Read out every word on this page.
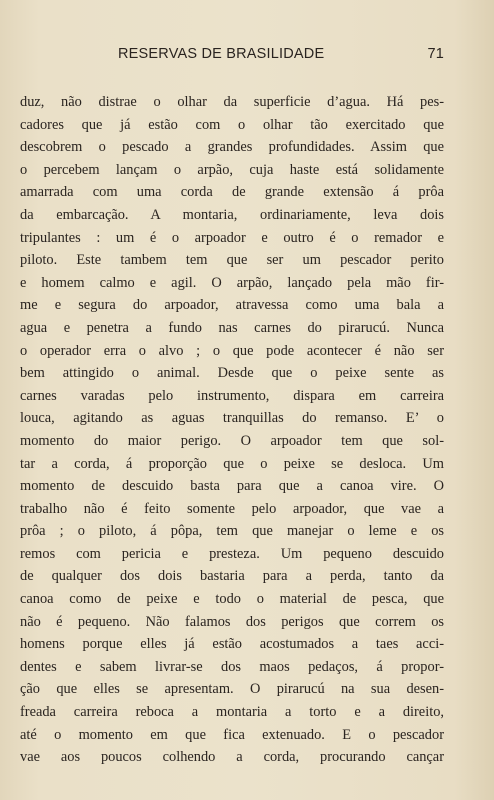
RESERVAS DE BRASILIDADE	71
duz, não distrae o olhar da superficie d’agua. Há pes-
cadores que já estão com o olhar tão exercitado que
descobrem o pescado a grandes profundidades. Assim que
o percebem lançam o arpão, cuja haste está solidamente
amarrada com uma corda de grande extensão á prôa
da embarcação. A montaria, ordinariamente, leva dois
tripulantes : um é o arpoador e outro é o remador e
piloto. Este tambem tem que ser um pescador perito
e homem calmo e agil. O arpão, lançado pela mão fir-
me e segura do arpoador, atravessa como uma bala a
agua e penetra a fundo nas carnes do pirarucú. Nunca
o operador erra o alvo ; o que pode acontecer é não ser
bem attingido o animal. Desde que o peixe sente as
carnes varadas pelo instrumento, dispara em carreira
louca, agitando as aguas tranquillas do remanso. E’ o
momento do maior perigo. O arpoador tem que sol-
tar a corda, á proporção que o peixe se desloca. Um
momento de descuido basta para que a canoa vire. O
trabalho não é feito somente pelo arpoador, que vae a
prôa ; o piloto, á pôpa, tem que manejar o leme e os
remos com pericia e presteza. Um pequeno descuido
de qualquer dos dois bastaria para a perda, tanto da
canoa como de peixe e todo o material de pesca, que
não é pequeno. Não falamos dos perigos que correm os
homens porque elles já estão acostumados a taes acci-
dentes e sabem livrar-se dos maos pedaços, á propor-
ção que elles se apresentam. O pirarucú na sua desen-
freada carreira reboca a montaria a torto e a direito,
até o momento em que fica extenuado. E o pescador
vae aos poucos colhendo a corda, procurando cançar
